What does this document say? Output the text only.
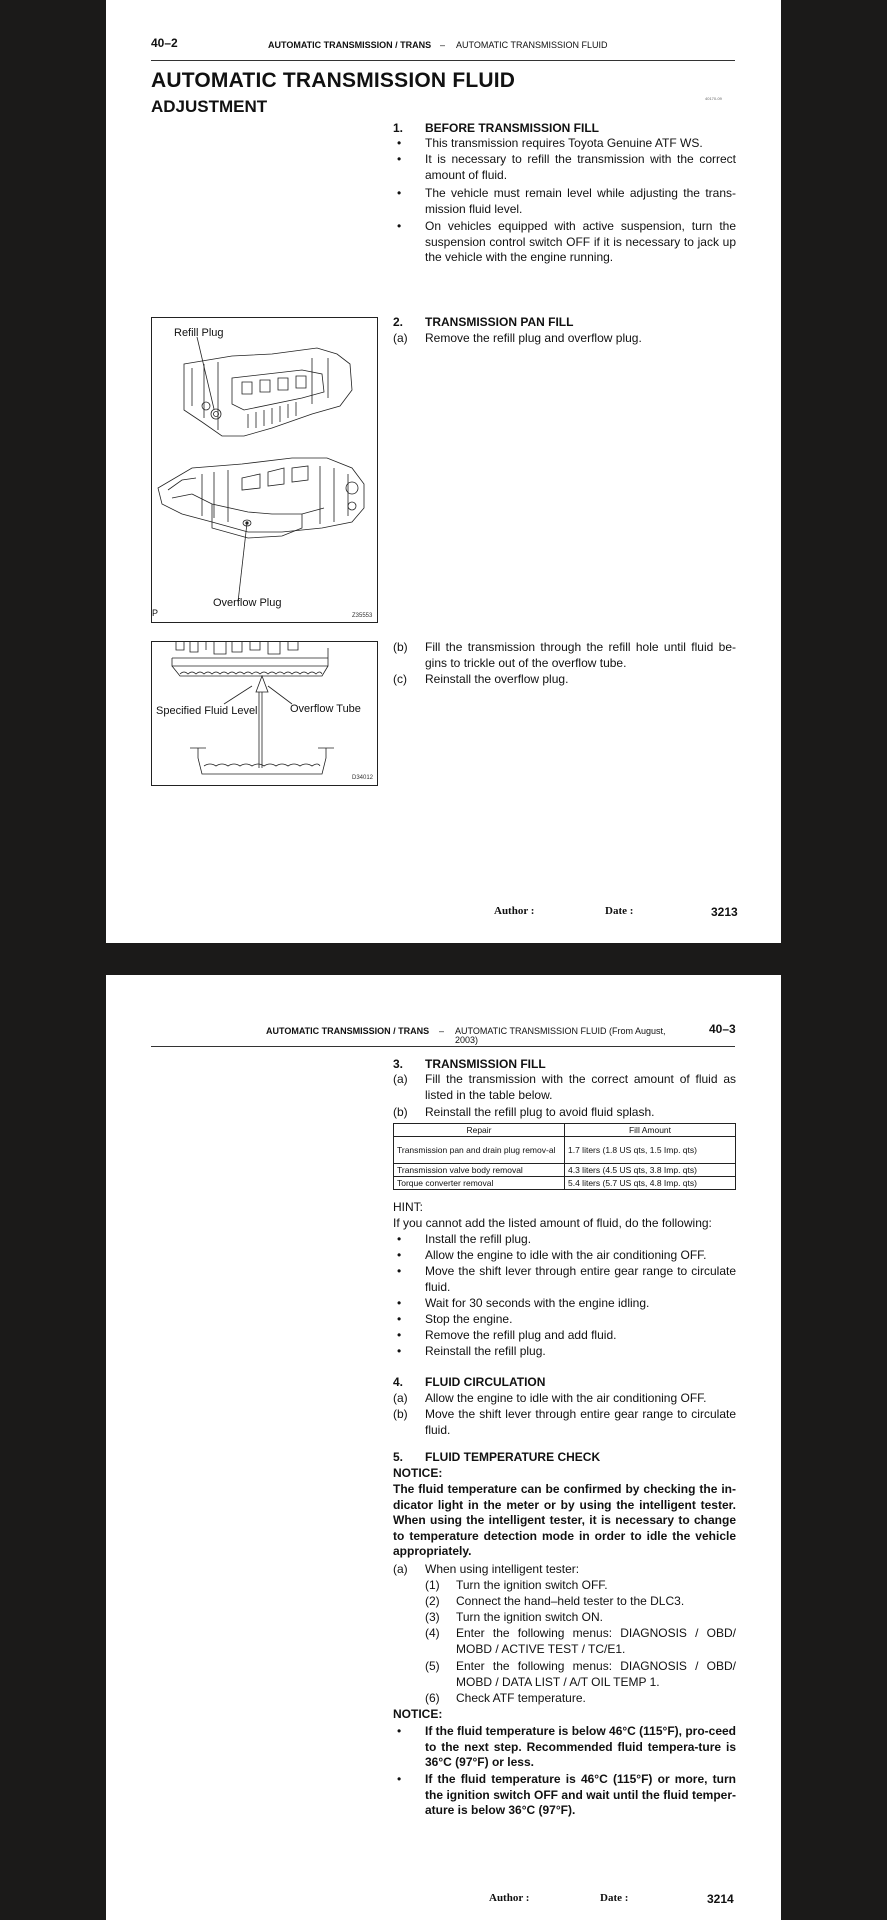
40–2	AUTOMATIC TRANSMISSION / TRANS – AUTOMATIC TRANSMISSION FLUID
AUTOMATIC TRANSMISSION FLUID
ADJUSTMENT	40170-09
1. BEFORE TRANSMISSION FILL
• This transmission requires Toyota Genuine ATF WS.
• It is necessary to refill the transmission with the correct amount of fluid.
• The vehicle must remain level while adjusting the trans-mission fluid level.
• On vehicles equipped with active suspension, turn the suspension control switch OFF if it is necessary to jack up the vehicle with the engine running.
Refill Plug
Overflow Plug
Z35553
P
2. TRANSMISSION PAN FILL
(a) Remove the refill plug and overflow plug.
Specified Fluid Level	Overflow Tube
D34012
(b) Fill the transmission through the refill hole until fluid be-gins to trickle out of the overflow tube.
(c) Reinstall the overflow plug.
Author :	Date :	3213
AUTOMATIC TRANSMISSION / TRANS – AUTOMATIC TRANSMISSION FLUID (From August,
2003)
40–3
3. TRANSMISSION FILL
(a) Fill the transmission with the correct amount of fluid as listed in the table below.
(b) Reinstall the refill plug to avoid fluid splash.
Repair	Fill Amount
Transmission pan and drain plug remov-al	1.7 liters (1.8 US qts, 1.5 Imp. qts)
Transmission valve body removal	4.3 liters (4.5 US qts, 3.8 Imp. qts)
Torque converter removal	5.4 liters (5.7 US qts, 4.8 Imp. qts)
HINT:
If you cannot add the listed amount of fluid, do the following:
• Install the refill plug.
• Allow the engine to idle with the air conditioning OFF.
• Move the shift lever through entire gear range to circulate fluid.
• Wait for 30 seconds with the engine idling.
• Stop the engine.
• Remove the refill plug and add fluid.
• Reinstall the refill plug.
4. FLUID CIRCULATION
(a) Allow the engine to idle with the air conditioning OFF.
(b) Move the shift lever through entire gear range to circulate fluid.
5. FLUID TEMPERATURE CHECK
NOTICE:
The fluid temperature can be confirmed by checking the in-dicator light in the meter or by using the intelligent tester. When using the intelligent tester, it is necessary to change to temperature detection mode in order to idle the vehicle appropriately.
(a) When using intelligent tester:
(1) Turn the ignition switch OFF.
(2) Connect the hand–held tester to the DLC3.
(3) Turn the ignition switch ON.
(4) Enter the following menus: DIAGNOSIS / OBD/ MOBD / ACTIVE TEST / TC/E1.
(5) Enter the following menus: DIAGNOSIS / OBD/ MOBD / DATA LIST / A/T OIL TEMP 1.
(6) Check ATF temperature.
NOTICE:
• If the fluid temperature is below 46°C (115°F), pro-ceed to the next step. Recommended fluid tempera-ture is 36°C (97°F) or less.
• If the fluid temperature is 46°C (115°F) or more, turn the ignition switch OFF and wait until the fluid temper-ature is below 36°C (97°F).
Author :	Date :	3214
